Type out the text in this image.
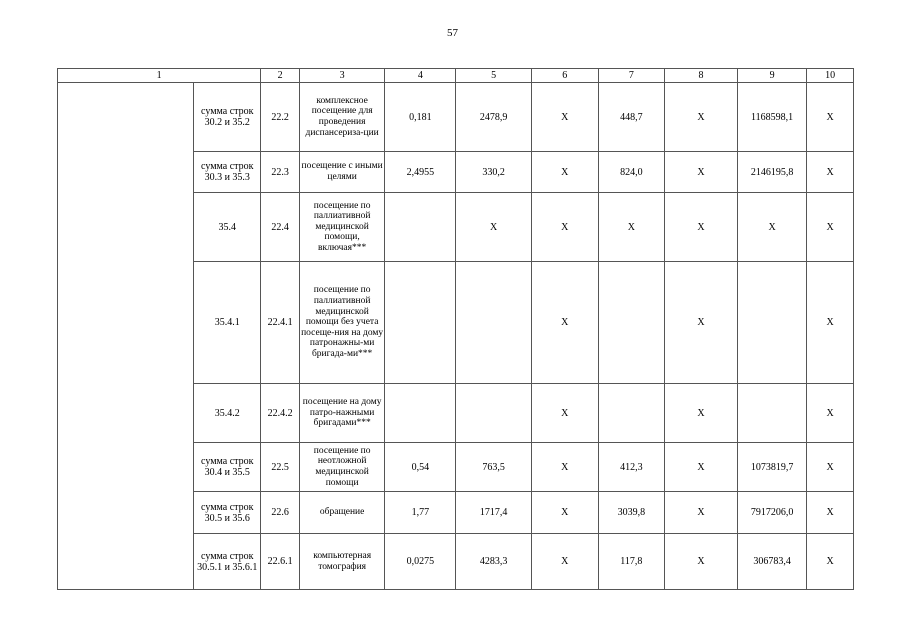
57
1		2	3	4	5	6	7	8	9	10
	сумма строк 30.2 и 35.2	22.2	комплексное посещение для проведения диспансериза-ции	0,181	2478,9	Х	448,7	Х	1168598,1	Х
	сумма строк 30.3 и 35.3	22.3	посещение с иными целями	2,4955	330,2	Х	824,0	Х	2146195,8	Х
	35.4	22.4	посещение по паллиативной медицинской помощи, включая***		Х	Х	Х	Х	Х	Х
	35.4.1	22.4.1	посещение по паллиативной медицинской помощи без учета посеще-ния на дому патронажны-ми бригада-ми***			Х		Х		Х
	35.4.2	22.4.2	посещение на дому патро-нажными бригадами***			Х		Х		Х
	сумма строк 30.4 и 35.5	22.5	посещение по неотложной медицинской помощи	0,54	763,5	Х	412,3	Х	1073819,7	Х
	сумма строк 30.5 и 35.6	22.6	обращение	1,77	1717,4	Х	3039,8	Х	7917206,0	Х
	сумма строк 30.5.1 и 35.6.1	22.6.1	компьютерная томография	0,0275	4283,3	Х	117,8	Х	306783,4	Х
